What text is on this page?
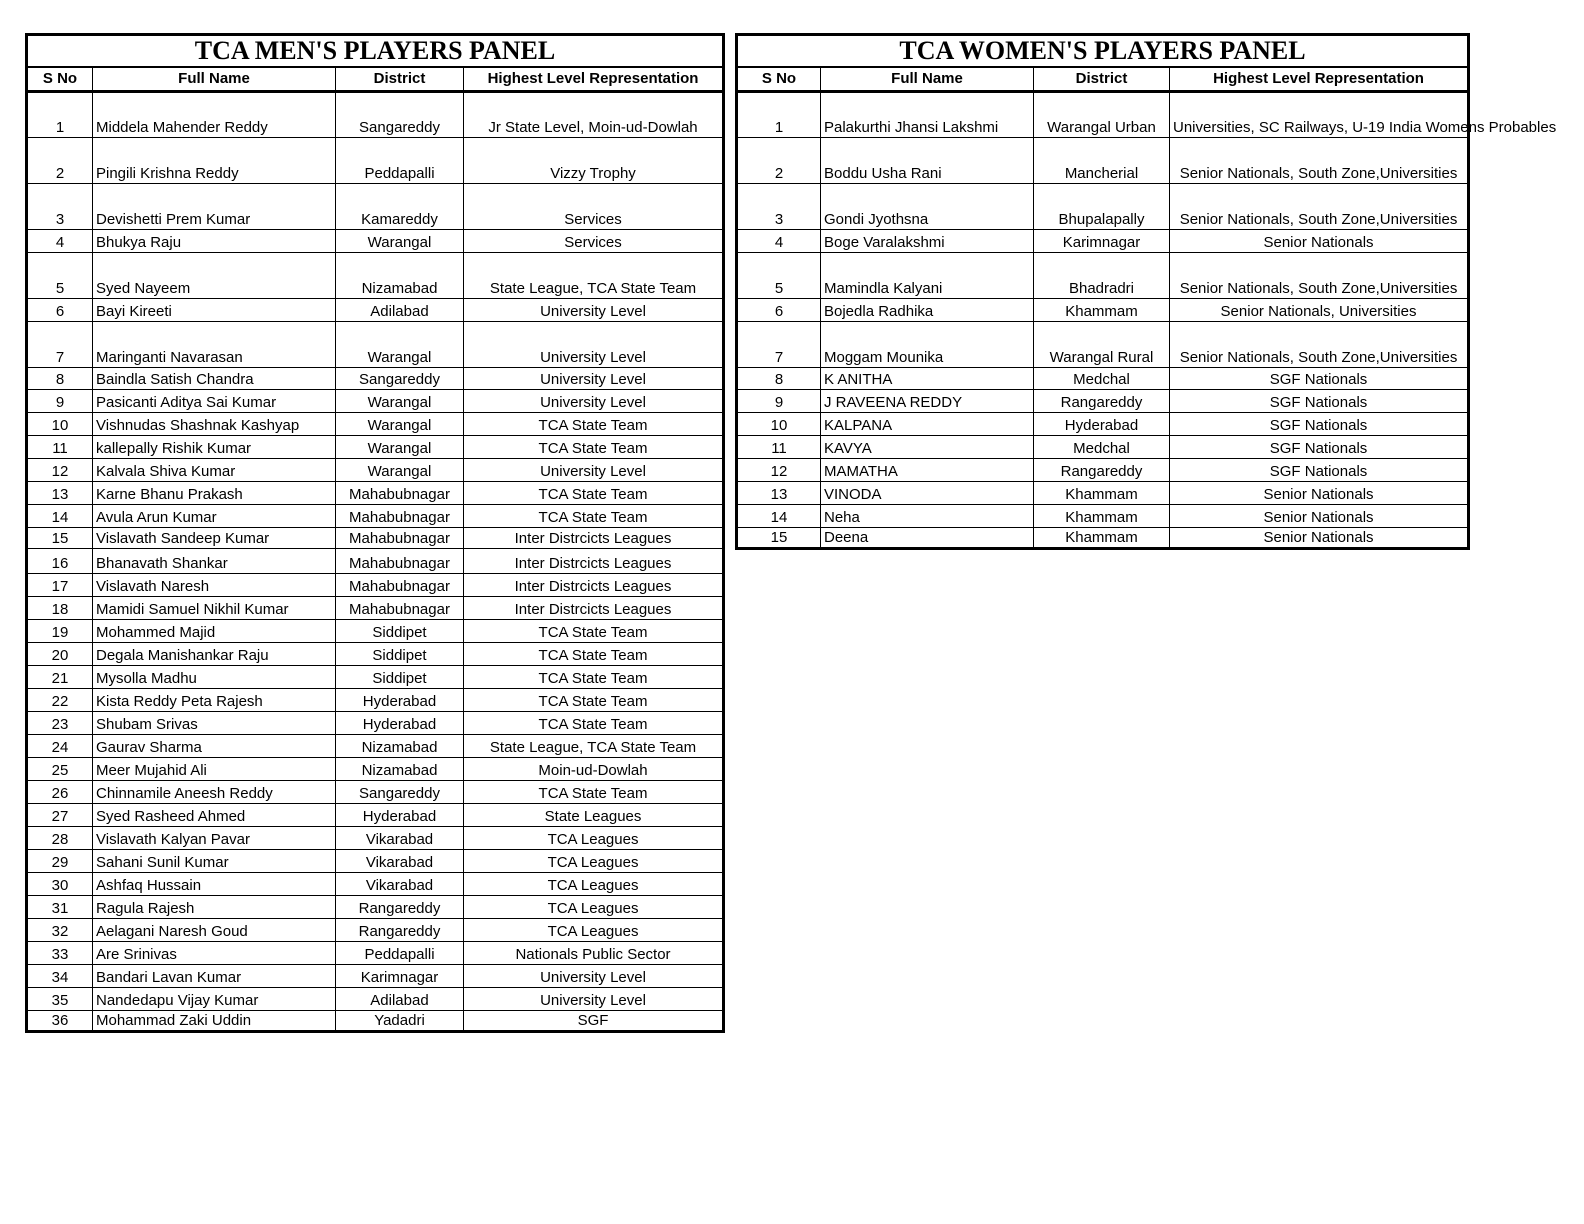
TCA MEN'S PLAYERS PANEL			
S No	Full Name	District	Highest Level Representation
1	Middela Mahender Reddy	Sangareddy	Jr State Level, Moin-ud-Dowlah
2	Pingili Krishna Reddy	Peddapalli	Vizzy Trophy
3	Devishetti Prem Kumar	Kamareddy	Services
4	Bhukya Raju	Warangal	Services
5	Syed Nayeem	Nizamabad	State League, TCA State Team
6	Bayi Kireeti	Adilabad	University Level
7	Maringanti Navarasan	Warangal	University Level
8	Baindla Satish Chandra	Sangareddy	University Level
9	Pasicanti Aditya Sai Kumar	Warangal	University Level
10	Vishnudas Shashnak Kashyap	Warangal	TCA State Team
11	kallepally Rishik Kumar	Warangal	TCA State Team
12	Kalvala Shiva Kumar	Warangal	University Level
13	Karne Bhanu Prakash	Mahabubnagar	TCA State Team
14	Avula Arun Kumar	Mahabubnagar	TCA State Team
15	Vislavath Sandeep Kumar	Mahabubnagar	Inter Distrcicts Leagues
16	Bhanavath Shankar	Mahabubnagar	Inter Distrcicts Leagues
17	Vislavath Naresh	Mahabubnagar	Inter Distrcicts Leagues
18	Mamidi Samuel Nikhil Kumar	Mahabubnagar	Inter Distrcicts Leagues
19	Mohammed Majid	Siddipet	TCA State Team
20	Degala Manishankar Raju	Siddipet	TCA State Team
21	Mysolla Madhu	Siddipet	TCA State Team
22	Kista Reddy Peta Rajesh	Hyderabad	TCA State Team
23	Shubam Srivas	Hyderabad	TCA State Team
24	Gaurav Sharma	Nizamabad	State League, TCA State Team
25	Meer Mujahid Ali	Nizamabad	Moin-ud-Dowlah
26	Chinnamile Aneesh Reddy	Sangareddy	TCA State Team
27	Syed Rasheed Ahmed	Hyderabad	State Leagues
28	Vislavath Kalyan Pavar	Vikarabad	TCA Leagues
29	Sahani Sunil Kumar	Vikarabad	TCA Leagues
30	Ashfaq Hussain	Vikarabad	TCA Leagues
31	Ragula Rajesh	Rangareddy	TCA Leagues
32	Aelagani Naresh Goud	Rangareddy	TCA Leagues
33	Are Srinivas	Peddapalli	Nationals Public Sector
34	Bandari Lavan Kumar	Karimnagar	University Level
35	Nandedapu Vijay Kumar	Adilabad	University Level
36	Mohammad Zaki Uddin	Yadadri	SGF
TCA WOMEN'S PLAYERS PANEL			
S No	Full Name	District	Highest Level Representation
1	Palakurthi Jhansi Lakshmi	Warangal Urban	Universities, SC Railways, U-19 India Womens Probables
2	Boddu Usha Rani	Mancherial	Senior Nationals, South Zone,Universities
3	Gondi Jyothsna	Bhupalapally	Senior Nationals, South Zone,Universities
4	Boge Varalakshmi	Karimnagar	Senior Nationals
5	Mamindla Kalyani	Bhadradri	Senior Nationals, South Zone,Universities
6	Bojedla Radhika	Khammam	Senior Nationals, Universities
7	Moggam Mounika	Warangal Rural	Senior Nationals, South Zone,Universities
8	K ANITHA	Medchal	SGF Nationals
9	J RAVEENA REDDY	Rangareddy	SGF Nationals
10	KALPANA	Hyderabad	SGF Nationals
11	KAVYA	Medchal	SGF Nationals
12	MAMATHA	Rangareddy	SGF Nationals
13	VINODA	Khammam	Senior Nationals
14	Neha	Khammam	Senior Nationals
15	Deena	Khammam	Senior Nationals
